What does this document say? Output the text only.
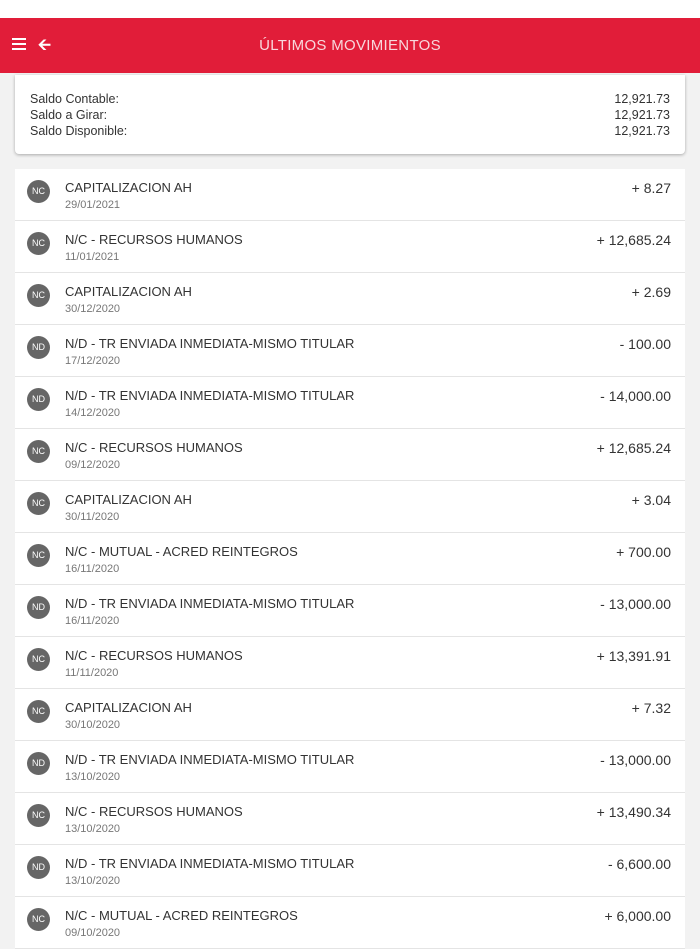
🡨	ÚLTIMOS MOVIMIENTOS
Saldo Contable:	12,921.73
Saldo a Girar:	12,921.73
Saldo Disponible:	12,921.73
NC	CAPITALIZACION AH
29/01/2021
+ 8.27
NC	N/C - RECURSOS HUMANOS
11/01/2021
+ 12,685.24
NC	CAPITALIZACION AH
30/12/2020
+ 2.69
ND	N/D - TR ENVIADA INMEDIATA-MISMO TITULAR
17/12/2020
- 100.00
ND	N/D - TR ENVIADA INMEDIATA-MISMO TITULAR
14/12/2020
- 14,000.00
NC	N/C - RECURSOS HUMANOS
09/12/2020
+ 12,685.24
NC	CAPITALIZACION AH
30/11/2020
+ 3.04
NC	N/C - MUTUAL - ACRED REINTEGROS
16/11/2020
+ 700.00
ND	N/D - TR ENVIADA INMEDIATA-MISMO TITULAR
16/11/2020
- 13,000.00
NC	N/C - RECURSOS HUMANOS
11/11/2020
+ 13,391.91
NC	CAPITALIZACION AH
30/10/2020
+ 7.32
ND	N/D - TR ENVIADA INMEDIATA-MISMO TITULAR
13/10/2020
- 13,000.00
NC	N/C - RECURSOS HUMANOS
13/10/2020
+ 13,490.34
ND	N/D - TR ENVIADA INMEDIATA-MISMO TITULAR
13/10/2020
- 6,600.00
NC	N/C - MUTUAL - ACRED REINTEGROS
09/10/2020
+ 6,000.00
